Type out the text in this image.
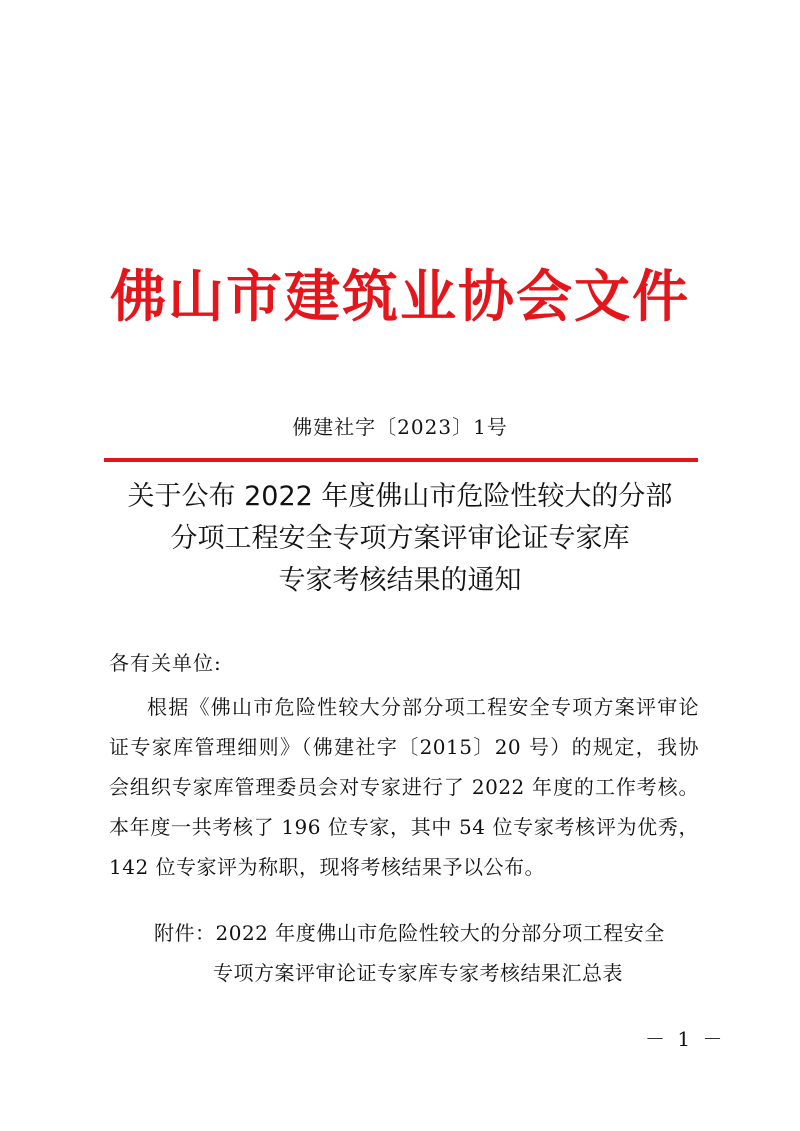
佛山市建筑业协会文件
佛建社字〔2023〕1号
关于公布 2022 年度佛山市危险性较大的分部
分项工程安全专项方案评审论证专家库
专家考核结果的通知
各有关单位:
根据《佛山市危险性较大分部分项工程安全专项方案评审论
证专家库管理细则》（佛建社字〔2015〕20 号）的规定，我协
会组织专家库管理委员会对专家进行了 2022 年度的工作考核。
本年度一共考核了 196 位专家，其中 54 位专家考核评为优秀，
142 位专家评为称职，现将考核结果予以公布。
附件：2022 年度佛山市危险性较大的分部分项工程安全
专项方案评审论证专家库专家考核结果汇总表
－ 1 －
